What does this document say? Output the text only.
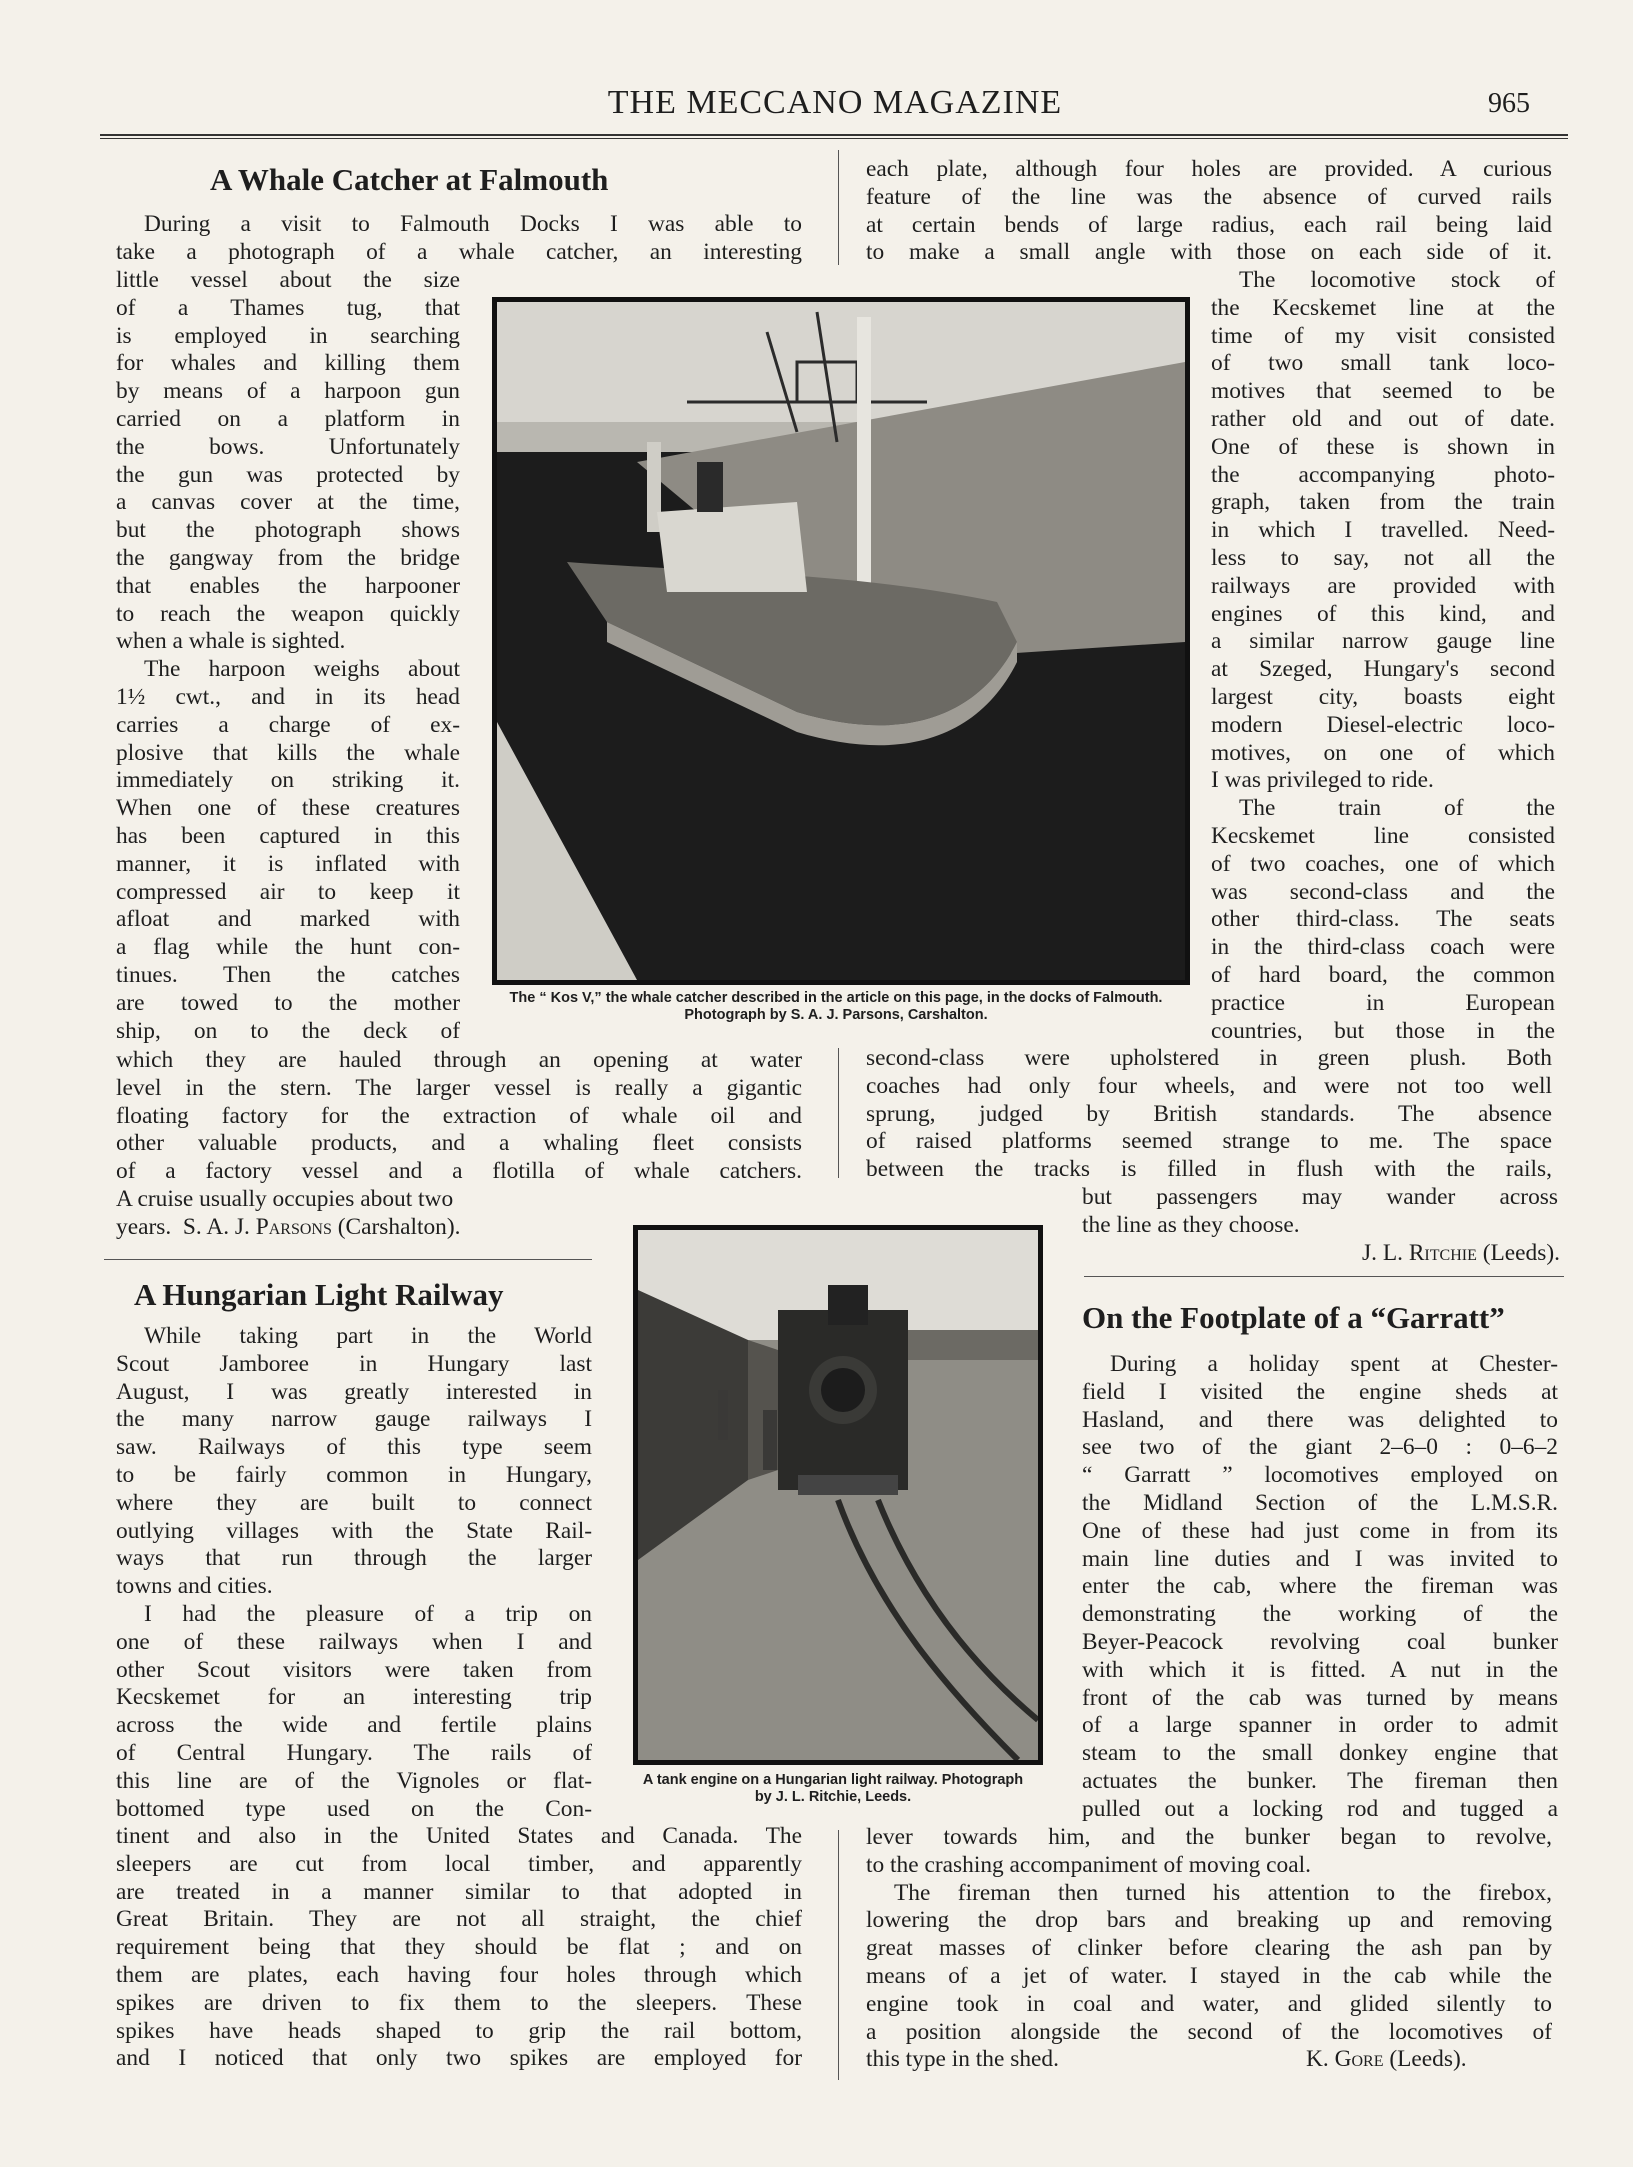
THE MECCANO MAGAZINE	965
A Whale Catcher at Falmouth
During a visit to Falmouth Docks I was able to
take a photograph of a whale catcher, an interesting
little vessel about the size
of a Thames tug, that
is employed in searching
for whales and killing them
by means of a harpoon gun
carried on a platform in
the bows. Unfortunately
the gun was protected by
a canvas cover at the time,
but the photograph shows
the gangway from the bridge
that enables the harpooner
to reach the weapon quickly
when a whale is sighted.
The harpoon weighs about
1½ cwt., and in its head
carries a charge of ex-
plosive that kills the whale
immediately on striking it.
When one of these creatures
has been captured in this
manner, it is inflated with
compressed air to keep it
afloat and marked with
a flag while the hunt con-
tinues. Then the catches
are towed to the mother
ship, on to the deck of
which they are hauled through an opening at water
level in the stern. The larger vessel is really a gigantic
floating factory for the extraction of whale oil and
other valuable products, and a whaling fleet consists
of a factory vessel and a flotilla of whale catchers.
A cruise usually occupies about two
years. S. A. J. Parsons (Carshalton).
The “ Kos V,” the whale catcher described in the article on this page, in the docks of Falmouth. Photograph by S. A. J. Parsons, Carshalton.
A Hungarian Light Railway
While taking part in the World
Scout Jamboree in Hungary last
August, I was greatly interested in
the many narrow gauge railways I
saw. Railways of this type seem
to be fairly common in Hungary,
where they are built to connect
outlying villages with the State Rail-
ways that run through the larger
towns and cities.
I had the pleasure of a trip on
one of these railways when I and
other Scout visitors were taken from
Kecskemet for an interesting trip
across the wide and fertile plains
of Central Hungary. The rails of
this line are of the Vignoles or flat-
bottomed type used on the Con-
tinent and also in the United States and Canada. The
sleepers are cut from local timber, and apparently
are treated in a manner similar to that adopted in
Great Britain. They are not all straight, the chief
requirement being that they should be flat ; and on
them are plates, each having four holes through which
spikes are driven to fix them to the sleepers. These
spikes have heads shaped to grip the rail bottom,
and I noticed that only two spikes are employed for
each plate, although four holes are provided. A curious
feature of the line was the absence of curved rails
at certain bends of large radius, each rail being laid
to make a small angle with those on each side of it.
The locomotive stock of
the Kecskemet line at the
time of my visit consisted
of two small tank loco-
motives that seemed to be
rather old and out of date.
One of these is shown in
the accompanying photo-
graph, taken from the train
in which I travelled. Need-
less to say, not all the
railways are provided with
engines of this kind, and
a similar narrow gauge line
at Szeged, Hungary's second
largest city, boasts eight
modern Diesel-electric loco-
motives, on one of which
I was privileged to ride.
The train of the
Kecskemet line consisted
of two coaches, one of which
was second-class and the
other third-class. The seats
in the third-class coach were
of hard board, the common
practice in European
countries, but those in the
second-class were upholstered in green plush. Both
coaches had only four wheels, and were not too well
sprung, judged by British standards. The absence
of raised platforms seemed strange to me. The space
between the tracks is filled in flush with the rails,
but passengers may wander across
the line as they choose.
J. L. Ritchie (Leeds).
A tank engine on a Hungarian light railway. Photograph by J. L. Ritchie, Leeds.
On the Footplate of a “Garratt”
During a holiday spent at Chester-
field I visited the engine sheds at
Hasland, and there was delighted to
see two of the giant 2–6–0 : 0–6–2
“ Garratt ” locomotives employed on
the Midland Section of the L.M.S.R.
One of these had just come in from its
main line duties and I was invited to
enter the cab, where the fireman was
demonstrating the working of the
Beyer-Peacock revolving coal bunker
with which it is fitted. A nut in the
front of the cab was turned by means
of a large spanner in order to admit
steam to the small donkey engine that
actuates the bunker. The fireman then
pulled out a locking rod and tugged a
lever towards him, and the bunker began to revolve,
to the crashing accompaniment of moving coal.
The fireman then turned his attention to the firebox,
lowering the drop bars and breaking up and removing
great masses of clinker before clearing the ash pan by
means of a jet of water. I stayed in the cab while the
engine took in coal and water, and glided silently to
a position alongside the second of the locomotives of
this type in the shed.	K. Gore (Leeds).
